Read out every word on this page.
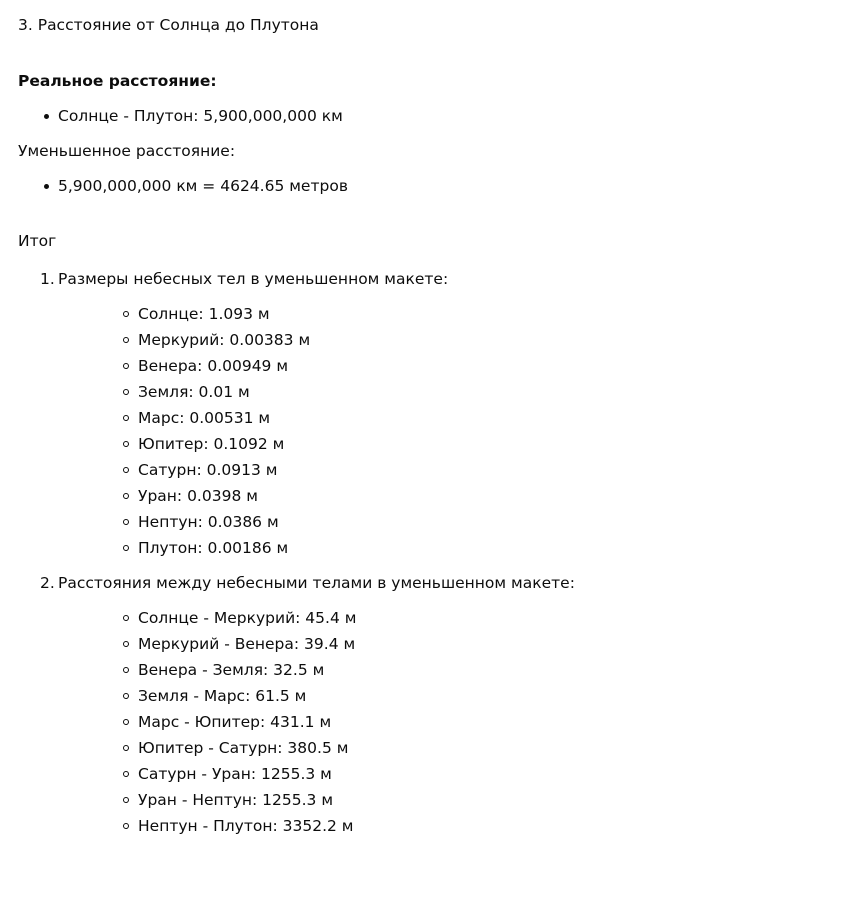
3. Расстояние от Солнца до Плутона

Реальное расстояние:

Солнце - Плутон: 5,900,000,000 км

Уменьшенное расстояние:

5,900,000,000 км = 4624.65 метров

Итог

1. Размеры небесных тел в уменьшенном макете:
Солнце: 1.093 м
Меркурий: 0.00383 м
Венера: 0.00949 м
Земля: 0.01 м
Марс: 0.00531 м
Юпитер: 0.1092 м
Сатурн: 0.0913 м
Уран: 0.0398 м
Нептун: 0.0386 м
Плутон: 0.00186 м
2. Расстояния между небесными телами в уменьшенном макете:
Солнце - Меркурий: 45.4 м
Меркурий - Венера: 39.4 м
Венера - Земля: 32.5 м
Земля - Марс: 61.5 м
Марс - Юпитер: 431.1 м
Юпитер - Сатурн: 380.5 м
Сатурн - Уран: 1255.3 м
Уран - Нептун: 1255.3 м
Нептун - Плутон: 3352.2 м
